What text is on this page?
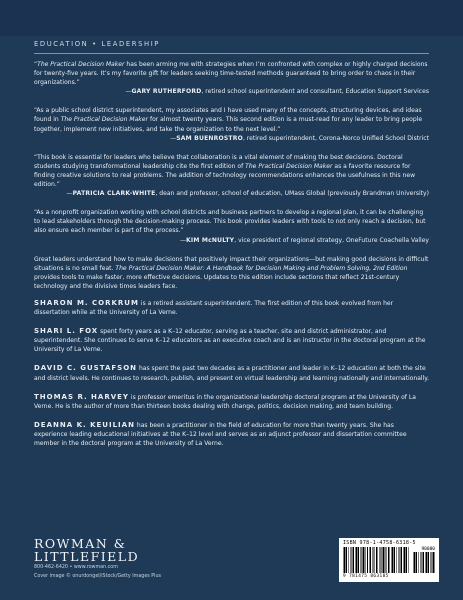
EDUCATION • LEADERSHIP

“The Practical Decision Maker has been arming me with strategies when I’m confronted with complex or highly charged decisions for twenty-five years. It’s my favorite gift for leaders seeking time-tested methods guaranteed to bring order to chaos in their organizations.”
—GARY RUTHERFORD, retired school superintendent and consultant, Education Support Services

“As a public school district superintendent, my associates and I have used many of the concepts, structuring devices, and ideas found in The Practical Decision Maker for almost twenty years. This second edition is a must-read for any leader to bring people together, implement new initiatives, and take the organization to the next level.”
—SAM BUENROSTRO, retired superintendent, Corona-Norco Unified School District

“This book is essential for leaders who believe that collaboration is a vital element of making the best decisions. Doctoral students studying transformational leadership cite the first edition of The Practical Decision Maker as a favorite resource for finding creative solutions to real problems. The addition of technology recommendations enhances the usefulness in this new edition.”
—PATRICIA CLARK-WHITE, dean and professor, school of education, UMass Global (previously Brandman University)

“As a nonprofit organization working with school districts and business partners to develop a regional plan, it can be challenging to lead stakeholders through the decision-making process. This book provides leaders with tools to not only reach a decision, but also ensure each member is part of the process.”
—KIM McNULTY, vice president of regional strategy, OneFuture Coachella Valley

Great leaders understand how to make decisions that positively impact their organizations—but making good decisions in difficult situations is no small feat. The Practical Decision Maker: A Handbook for Decision Making and Problem Solving, 2nd Edition provides tools to make faster, more effective decisions. Updates to this edition include sections that reflect 21st-century technology and the divisive times leaders face.

SHARON M. CORKRUM is a retired assistant superintendent. The first edition of this book evolved from her dissertation while at the University of La Verne.

SHARI L. FOX spent forty years as a K–12 educator, serving as a teacher, site and district administrator, and superintendent. She continues to serve K–12 educators as an executive coach and is an instructor in the doctoral program at the University of La Verne.

DAVID C. GUSTAFSON has spent the past two decades as a practitioner and leader in K–12 education at both the site and district levels. He continues to research, publish, and present on virtual leadership and learning nationally and internationally.

THOMAS R. HARVEY is professor emeritus in the organizational leadership doctoral program at the University of La Verne. He is the author of more than thirteen books dealing with change, politics, decision making, and team building.

DEANNA K. KEUILIAN has been a practitioner in the field of education for more than twenty years. She has experience leading educational initiatives at the K–12 level and serves as an adjunct professor and dissertation committee member in the doctoral program at the University of La Verne.

ROWMAN &
LITTLEFIELD
800-462-6420 • www.rowman.com
Cover image © onurdongel/iStock/Getty Images Plus
ISBN 978-1-4758-6318-5
90000
9 781475 863185
